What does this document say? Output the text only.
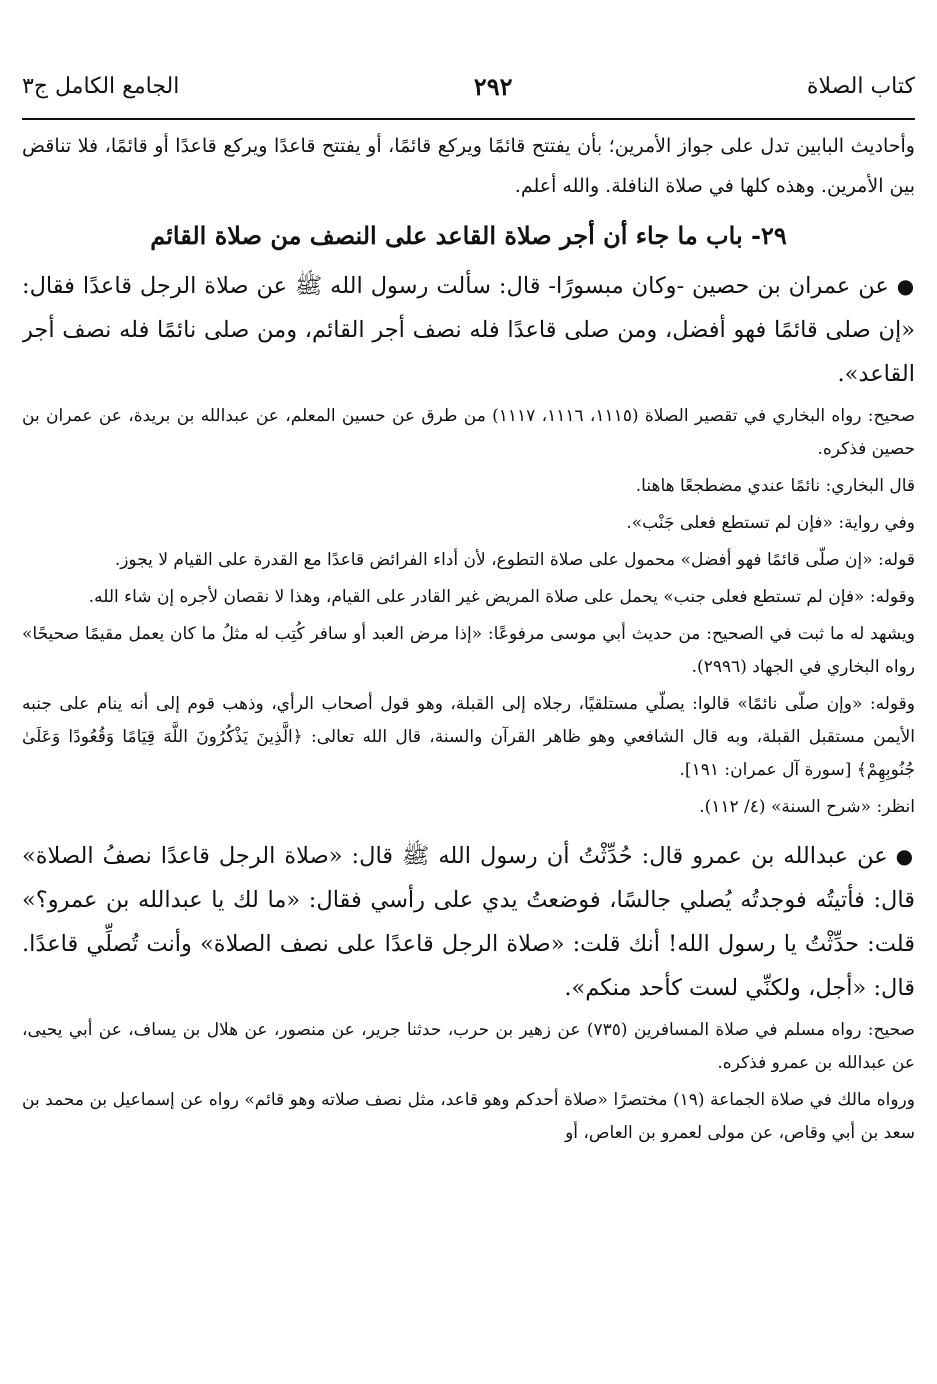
كتاب الصلاة
٢٩٢
الجامع الكامل ج٣

وأحاديث البابين تدل على جواز الأمرين؛ بأن يفتتح قائمًا ويركع قائمًا، أو يفتتح قاعدًا ويركع قاعدًا أو قائمًا، فلا تناقض بين الأمرين. وهذه كلها في صلاة النافلة. والله أعلم.

٢٩- باب ما جاء أن أجر صلاة القاعد على النصف من صلاة القائم

●عن عمران بن حصين -وكان مبسورًا- قال: سألت رسول الله ﷺ عن صلاة الرجل قاعدًا فقال: «إن صلى قائمًا فهو أفضل، ومن صلى قاعدًا فله نصف أجر القائم، ومن صلى نائمًا فله نصف أجر القاعد».

صحيح: رواه البخاري في تقصير الصلاة (١١١٥، ١١١٦، ١١١٧) من طرق عن حسين المعلم، عن عبدالله بن بريدة، عن عمران بن حصين فذكره.

قال البخاري: نائمًا عندي مضطجعًا هاهنا.

وفي رواية: «فإن لم تستطع فعلى جَنْب».

قوله: «إن صلّى قائمًا فهو أفضل» محمول على صلاة التطوع، لأن أداء الفرائض قاعدًا مع القدرة على القيام لا يجوز.

وقوله: «فإن لم تستطع فعلى جنب» يحمل على صلاة المريض غير القادر على القيام، وهذا لا نقصان لأجره إن شاء الله.

ويشهد له ما ثبت في الصحيح: من حديث أبي موسى مرفوعًا: «إذا مرض العبد أو سافر كُتِب له مثلُ ما كان يعمل مقيمًا صحيحًا» رواه البخاري في الجهاد (٢٩٩٦).

وقوله: «وإن صلّى نائمًا» قالوا: يصلّي مستلقيًا، رجلاه إلى القبلة، وهو قول أصحاب الرأي، وذهب قوم إلى أنه ينام على جنبه الأيمن مستقبل القبلة، وبه قال الشافعي وهو ظاهر القرآن والسنة، قال الله تعالى: ﴿الَّذِينَ يَذْكُرُونَ اللَّهَ قِيَامًا وَقُعُودًا وَعَلَىٰ جُنُوبِهِمْ﴾ [سورة آل عمران: ١٩١].

انظر: «شرح السنة» (٤/ ١١٢).

●عن عبدالله بن عمرو قال: حُدِّثْتُ أن رسول الله ﷺ قال: «صلاة الرجل قاعدًا نصفُ الصلاة» قال: فأتيتُه فوجدتُه يُصلي جالسًا، فوضعتُ يدي على رأسي فقال: «ما لك يا عبدالله بن عمرو؟» قلت: حدِّثْتُ يا رسول الله! أنك قلت: «صلاة الرجل قاعدًا على نصف الصلاة» وأنت تُصلِّي قاعدًا. قال: «أجل، ولكنِّي لست كأحد منكم».

صحيح: رواه مسلم في صلاة المسافرين (٧٣٥) عن زهير بن حرب، حدثنا جرير، عن منصور، عن هلال بن يساف، عن أبي يحيى، عن عبدالله بن عمرو فذكره.

ورواه مالك في صلاة الجماعة (١٩) مختصرًا «صلاة أحدكم وهو قاعد، مثل نصف صلاته وهو قائم» رواه عن إسماعيل بن محمد بن سعد بن أبي وقاص، عن مولى لعمرو بن العاص، أو
